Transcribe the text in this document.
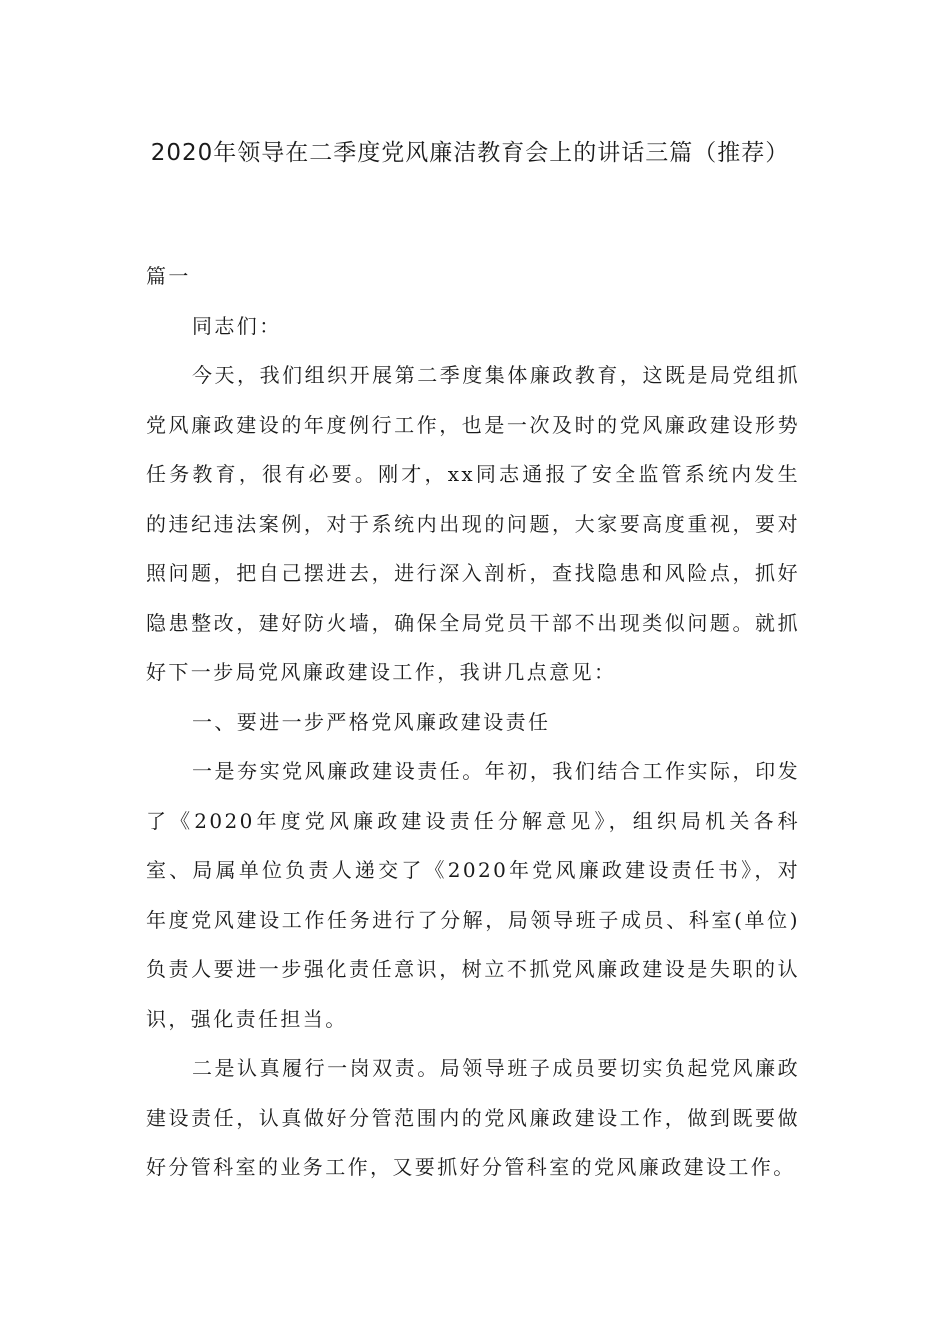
2020年领导在二季度党风廉洁教育会上的讲话三篇（推荐）

篇一

同志们：

今天，我们组织开展第二季度集体廉政教育，这既是局党组抓党风廉政建设的年度例行工作，也是一次及时的党风廉政建设形势任务教育，很有必要。刚才，xx同志通报了安全监管系统内发生的违纪违法案例，对于系统内出现的问题，大家要高度重视，要对照问题，把自己摆进去，进行深入剖析，查找隐患和风险点，抓好隐患整改，建好防火墙，确保全局党员干部不出现类似问题。就抓好下一步局党风廉政建设工作，我讲几点意见：

一、要进一步严格党风廉政建设责任

一是夯实党风廉政建设责任。年初，我们结合工作实际，印发了《2020年度党风廉政建设责任分解意见》，组织局机关各科室、局属单位负责人递交了《2020年党风廉政建设责任书》，对年度党风建设工作任务进行了分解，局领导班子成员、科室(单位)负责人要进一步强化责任意识，树立不抓党风廉政建设是失职的认识，强化责任担当。

二是认真履行一岗双责。局领导班子成员要切实负起党风廉政建设责任，认真做好分管范围内的党风廉政建设工作，做到既要做好分管科室的业务工作，又要抓好分管科室的党风廉政建设工作。
